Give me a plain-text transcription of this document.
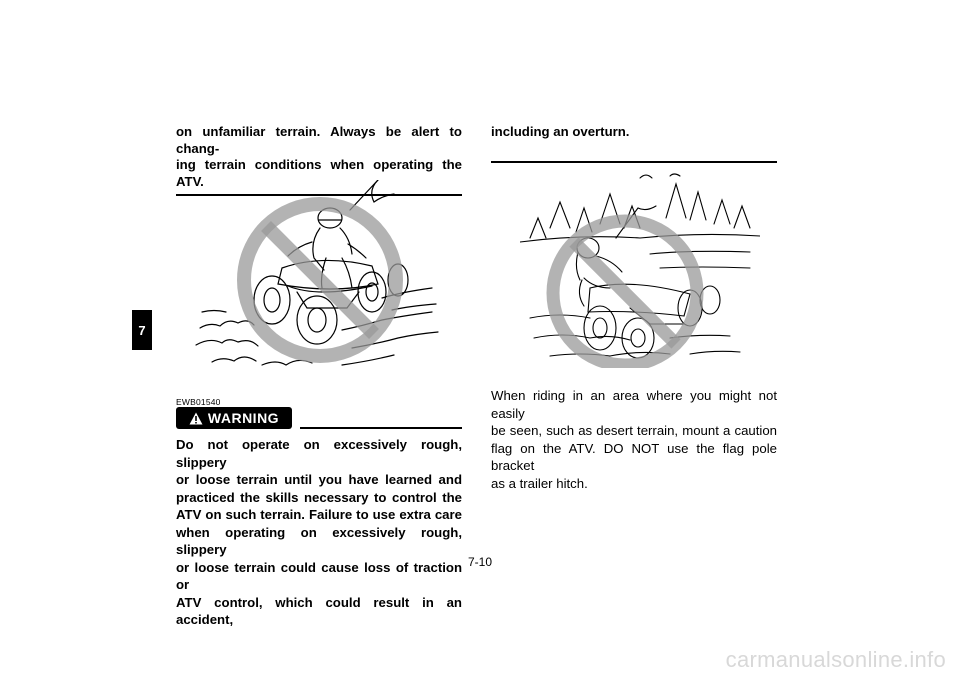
7

on unfamiliar terrain. Always be alert to chang-

ing terrain conditions when operating the ATV.

including an overturn.

EWB01540
WARNING
Do not operate on excessively rough, slippery
or loose terrain until you have learned and
practiced the skills necessary to control the
ATV on such terrain. Failure to use extra care
when operating on excessively rough, slippery
or loose terrain could cause loss of traction or
ATV control, which could result in an accident,
When riding in an area where you might not easily
be seen, such as desert terrain, mount a caution
flag on the ATV. DO NOT use the flag pole bracket
as a trailer hitch.
7-10
carmanualsonline.info
